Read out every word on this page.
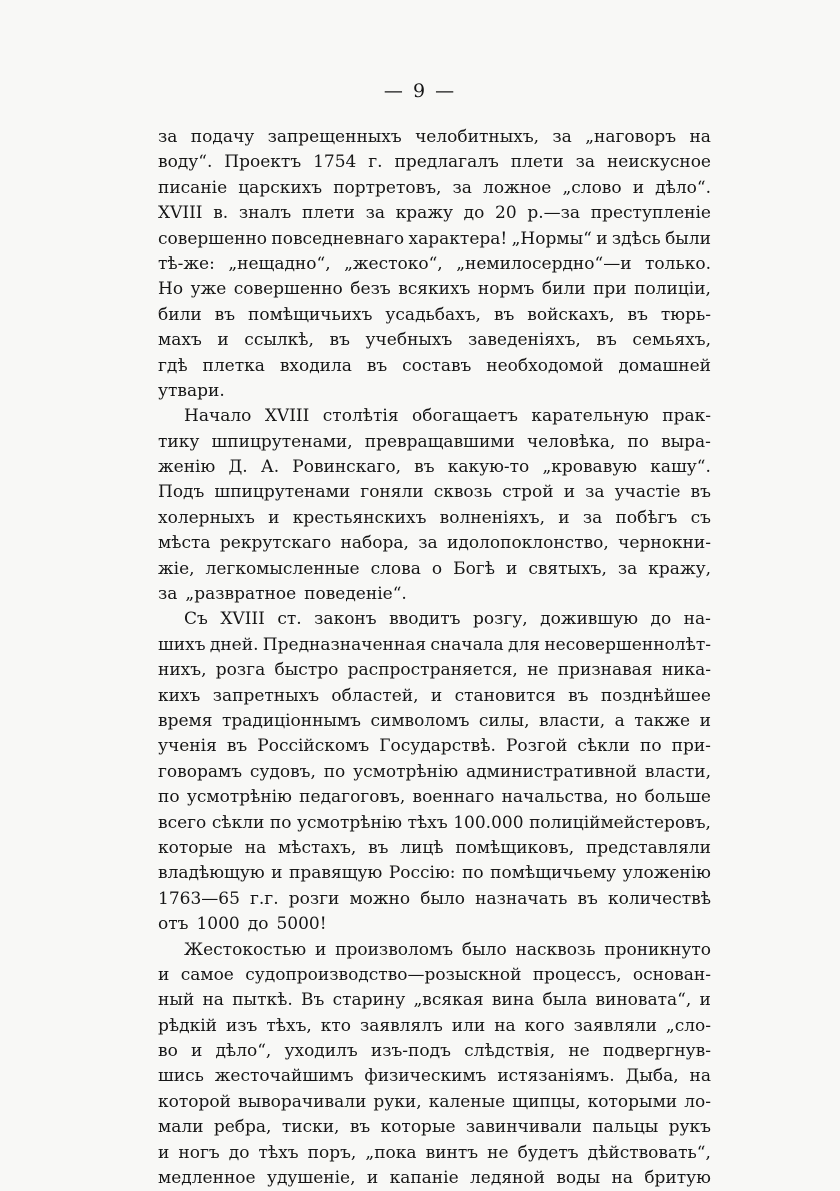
— 9 —
за подачу запрещенныхъ челобитныхъ, за „наговоръ на
воду“. Проектъ 1754 г. предлагалъ плети за неискусное
писаніе царскихъ портретовъ, за ложное „слово и дѣло“.
XVIII в. зналъ плети за кражу до 20 р.—за преступленіе
совершенно повседневнаго характера! „Нормы“ и здѣсь были
тѣ-же: „нещадно“, „жестоко“, „немилосердно“—и только.
Но уже совершенно безъ всякихъ нормъ били при полиціи,
били въ помѣщичьихъ усадьбахъ, въ войскахъ, въ тюрь-
махъ и ссылкѣ, въ учебныхъ заведеніяхъ, въ семьяхъ,
гдѣ плетка входила въ составъ необходомой домашней
утвари.
Начало XVIII столѣтія обогащаетъ карательную прак-
тику шпицрутенами, превращавшими человѣка, по выра-
женію Д. А. Ровинскаго, въ какую-то „кровавую кашу“.
Подъ шпицрутенами гоняли сквозь строй и за участіе въ
холерныхъ и крестьянскихъ волненіяхъ, и за побѣгъ съ
мѣста рекрутскаго набора, за идолопоклонство, чернокни-
жіе, легкомысленные слова о Богѣ и святыхъ, за кражу,
за „развратное поведеніе“.
Съ XVIII ст. законъ вводитъ розгу, дожившую до на-
шихъ дней. Предназначенная сначала для несовершеннолѣт-
нихъ, розга быстро распространяется, не признавая ника-
кихъ запретныхъ областей, и становится въ позднѣйшее
время традиціоннымъ символомъ силы, власти, а также и
ученія въ Россійскомъ Государствѣ. Розгой сѣкли по при-
говорамъ судовъ, по усмотрѣнію административной власти,
по усмотрѣнію педагоговъ, военнаго начальства, но больше
всего сѣкли по усмотрѣнію тѣхъ 100.000 полиціймейстеровъ,
которые на мѣстахъ, въ лицѣ помѣщиковъ, представляли
владѣющую и правящую Россію: по помѣщичьему уложенію
1763—65 г.г. розги можно было назначать въ количествѣ
отъ 1000 до 5000!
Жестокостью и произволомъ было насквозь проникнуто
и самое судопроизводство—розыскной процессъ, основан-
ный на пыткѣ. Въ старину „всякая вина была виновата“, и
рѣдкій изъ тѣхъ, кто заявлялъ или на кого заявляли „сло-
во и дѣло“, уходилъ изъ-подъ слѣдствія, не подвергнув-
шись жесточайшимъ физическимъ истязаніямъ. Дыба, на
которой выворачивали руки, каленые щипцы, которыми ло-
мали ребра, тиски, въ которые завинчивали пальцы рукъ
и ногъ до тѣхъ поръ, „пока винтъ не будетъ дѣйствовать“,
медленное удушеніе, и капаніе ледяной воды на бритую
